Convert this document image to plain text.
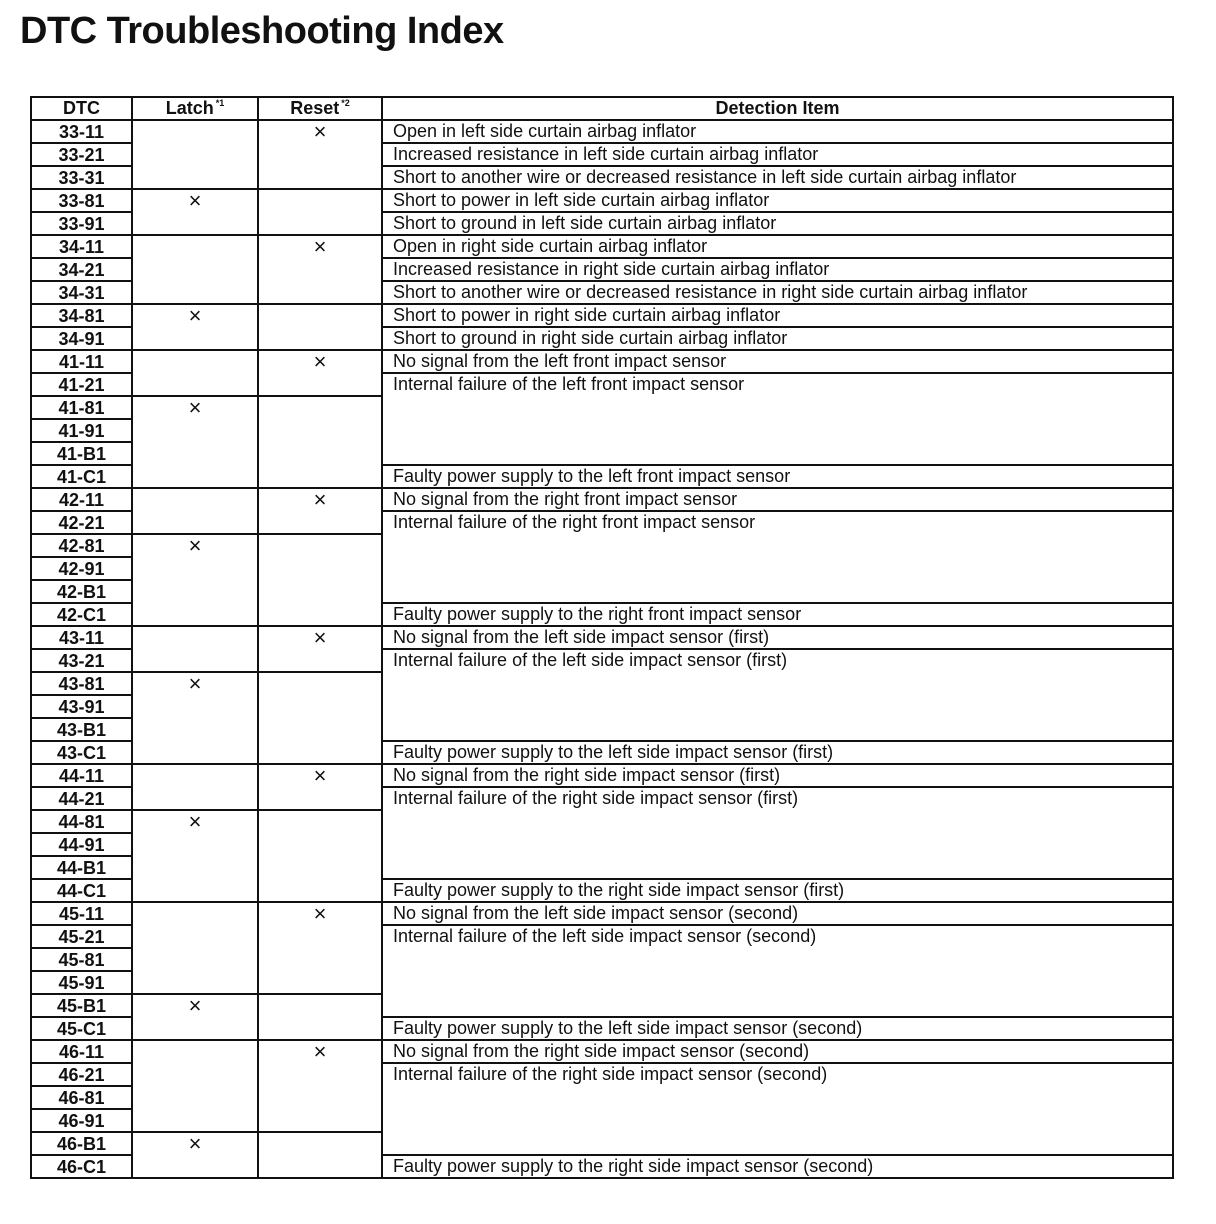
DTC Troubleshooting Index
DTC	Latch $^{*1}$	Reset $^{*2}$	Detection Item
33-11		×	Open in left side curtain airbag inflator
33-21			Increased resistance in left side curtain airbag inflator
33-31			Short to another wire or decreased resistance in left side curtain airbag inflator
33-81	×		Short to power in left side curtain airbag inflator
33-91			Short to ground in left side curtain airbag inflator
34-11		×	Open in right side curtain airbag inflator
34-21			Increased resistance in right side curtain airbag inflator
34-31			Short to another wire or decreased resistance in right side curtain airbag inflator
34-81	×		Short to power in right side curtain airbag inflator
34-91			Short to ground in right side curtain airbag inflator
41-11		×	No signal from the left front impact sensor
41-21			Internal failure of the left front impact sensor
41-81	×		
41-91			
41-B1			
41-C1			Faulty power supply to the left front impact sensor
42-11		×	No signal from the right front impact sensor
42-21			Internal failure of the right front impact sensor
42-81	×		
42-91			
42-B1			
42-C1			Faulty power supply to the right front impact sensor
43-11		×	No signal from the left side impact sensor (first)
43-21			Internal failure of the left side impact sensor (first)
43-81	×		
43-91			
43-B1			
43-C1			Faulty power supply to the left side impact sensor (first)
44-11		×	No signal from the right side impact sensor (first)
44-21			Internal failure of the right side impact sensor (first)
44-81	×		
44-91			
44-B1			
44-C1			Faulty power supply to the right side impact sensor (first)
45-11		×	No signal from the left side impact sensor (second)
45-21			Internal failure of the left side impact sensor (second)
45-81			
45-91			
45-B1	×		
45-C1			Faulty power supply to the left side impact sensor (second)
46-11		×	No signal from the right side impact sensor (second)
46-21			Internal failure of the right side impact sensor (second)
46-81			
46-91			
46-B1	×		
46-C1			Faulty power supply to the right side impact sensor (second)
